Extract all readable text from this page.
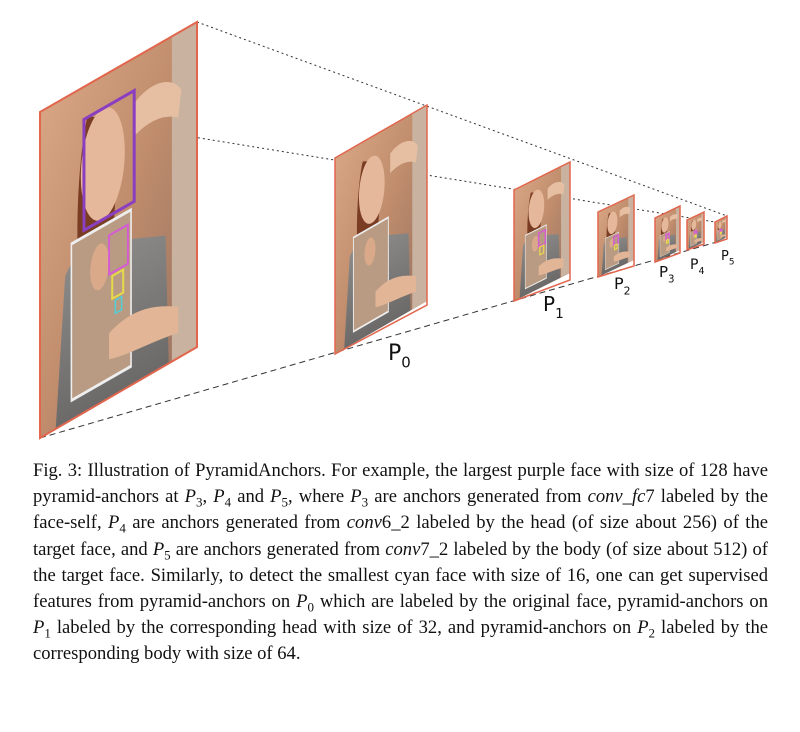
$P_0$
$P_1$
$P_2$
$P_3$
$P_4$
$P_5$
Fig. 3: Illustration of PyramidAnchors. For example, the largest purple face with size of 128 have pyramid-anchors at $P_3$, $P_4$ and $P_5$, where $P_3$ are anchors generated from conv_fc7 labeled by the face-self, $P_4$ are anchors generated from conv6_2 labeled by the head (of size about 256) of the target face, and $P_5$ are anchors generated from conv7_2 labeled by the body (of size about 512) of the target face. Similarly, to detect the smallest cyan face with size of 16, one can get supervised features from pyramid-anchors on $P_0$ which are labeled by the original face, pyramid-anchors on $P_1$ labeled by the corresponding head with size of 32, and pyramid-anchors on $P_2$ labeled by the corresponding body with size of 64.
